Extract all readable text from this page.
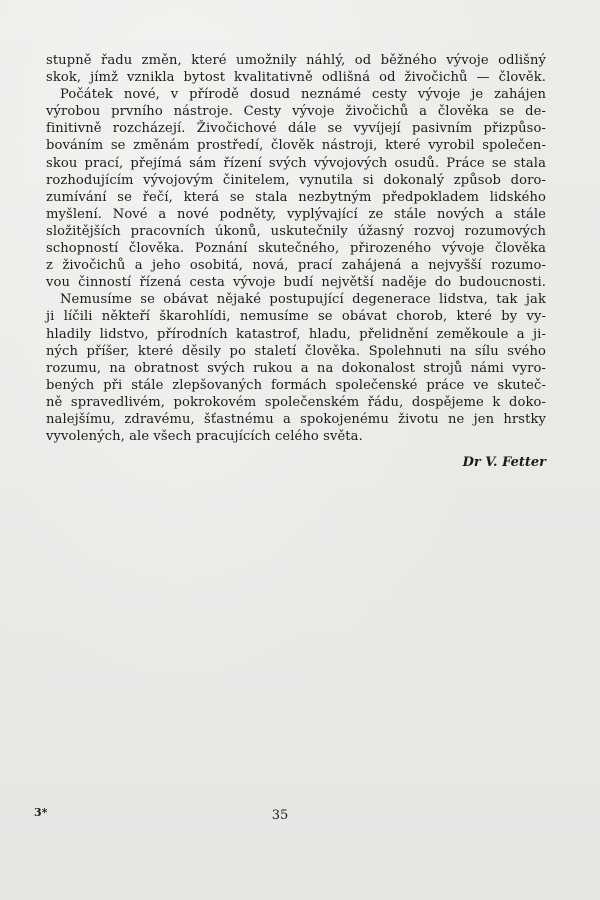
stupně řadu změn, které umožnily náhlý, od běžného vývoje odlišný
skok, jímž vznikla bytost kvalitativně odlišná od živočichů — člověk.
Počátek nové, v přírodě dosud neznámé cesty vývoje je zahájen
výrobou prvního nástroje. Cesty vývoje živočichů a člověka se de-
finitivně rozcházejí. Živočichové dále se vyvíjejí pasivním přizpůso-
bováním se změnám prostředí, člověk nástroji, které vyrobil společen-
skou prací, přejímá sám řízení svých vývojových osudů. Práce se stala
rozhodujícím vývojovým činitelem, vynutila si dokonalý způsob doro-
zumívání se řečí, která se stala nezbytným předpokladem lidského
myšlení. Nové a nové podněty, vyplývající ze stále nových a stále
složitějších pracovních úkonů, uskutečnily úžasný rozvoj rozumových
schopností člověka. Poznání skutečného, přirozeného vývoje člověka
z živočichů a jeho osobitá, nová, prací zahájená a nejvyšší rozumo-
vou činností řízená cesta vývoje budí největší naděje do budoucnosti.
Nemusíme se obávat nějaké postupující degenerace lidstva, tak jak
ji líčili někteří škarohlídi, nemusíme se obávat chorob, které by vy-
hladily lidstvo, přírodních katastrof, hladu, přelidnění zeměkoule a ji-
ných příšer, které děsily po staletí člověka. Spolehnuti na sílu svého
rozumu, na obratnost svých rukou a na dokonalost strojů námi vyro-
bených při stále zlepšovaných formách společenské práce ve skuteč-
ně spravedlivém, pokrokovém společenském řádu, dospějeme k doko-
nalejšímu, zdravému, šťastnému a spokojenému životu ne jen hrstky
vyvolených, ale všech pracujících celého světa.
Dr V. Fetter
3*	35
